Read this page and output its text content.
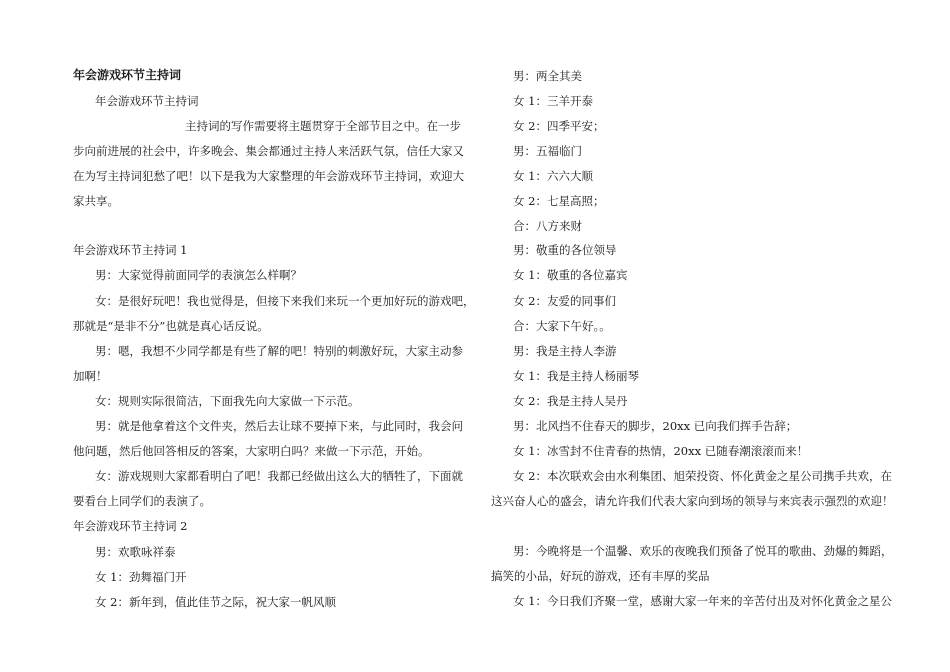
年会游戏环节主持词
年会游戏环节主持词
主持词的写作需要将主题贯穿于全部节目之中。在一步
步向前进展的社会中，许多晚会、集会都通过主持人来活跃气氛，信任大家又
在为写主持词犯愁了吧！以下是我为大家整理的年会游戏环节主持词，欢迎大
家共享。
年会游戏环节主持词 1
男：大家觉得前面同学的表演怎么样啊？
女：是很好玩吧！我也觉得是，但接下来我们来玩一个更加好玩的游戏吧，
那就是“是非不分”也就是真心话反说。
男：嗯，我想不少同学都是有些了解的吧！特别的刺激好玩，大家主动参
加啊！
女：规则实际很简洁，下面我先向大家做一下示范。
男：就是他拿着这个文件夹，然后去让球不要掉下来，与此同时，我会问
他问题，然后他回答相反的答案，大家明白吗？来做一下示范，开始。
女：游戏规则大家都看明白了吧！我都已经做出这么大的牺牲了，下面就
要看台上同学们的表演了。
年会游戏环节主持词 2
男：欢歌咏祥泰
女 1：劲舞福门开
女 2：新年到，值此佳节之际，祝大家一帆风顺
男：两全其美
女 1：三羊开泰
女 2：四季平安；
男：五福临门
女 1：六六大顺
女 2：七星高照；
合：八方来财
男：敬重的各位领导
女 1：敬重的各位嘉宾
女 2：友爱的同事们
合：大家下午好。。
男：我是主持人李游
女 1：我是主持人杨丽琴
女 2：我是主持人吴丹
男：北风挡不住春天的脚步，20xx 已向我们挥手告辞；
女 1：冰雪封不住青春的热情，20xx 已随春潮滚滚而来！
女 2：本次联欢会由水利集团、旭荣投资、怀化黄金之星公司携手共欢，在
这兴奋人心的盛会，请允许我们代表大家向到场的领导与来宾表示强烈的欢迎！
男：今晚将是一个温馨、欢乐的夜晚我们预备了悦耳的歌曲、劲爆的舞蹈，
搞笑的小品，好玩的游戏，还有丰厚的奖品
女 1：今日我们齐聚一堂，感谢大家一年来的辛苦付出及对怀化黄金之星公
